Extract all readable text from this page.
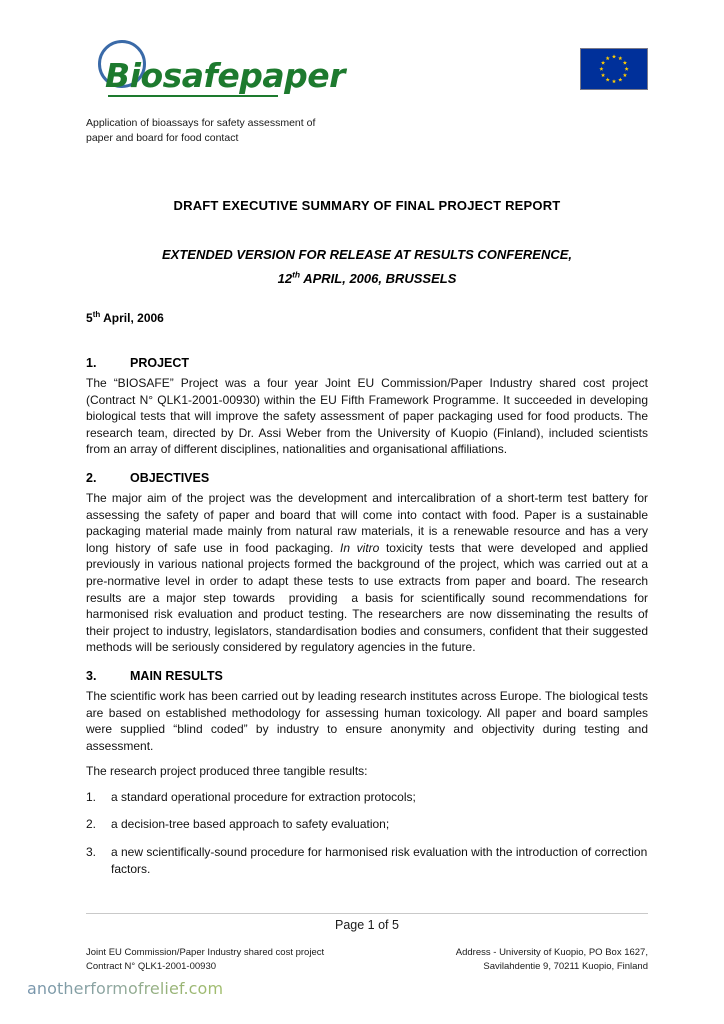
Biosafepaper
Application of bioassays for safety assessment of
paper and board for food contact
DRAFT EXECUTIVE SUMMARY OF FINAL PROJECT REPORT
EXTENDED VERSION FOR RELEASE AT RESULTS CONFERENCE,
12th APRIL, 2006, BRUSSELS
5th April, 2006
1.	PROJECT

The “BIOSAFE” Project was a four year Joint EU Commission/Paper Industry shared cost project (Contract N° QLK1-2001-00930) within the EU Fifth Framework Programme. It succeeded in developing biological tests that will improve the safety assessment of paper packaging used for food products. The research team, directed by Dr. Assi Weber from the University of Kuopio (Finland), included scientists from an array of different disciplines, nationalities and organisational affiliations.

2.	OBJECTIVES

The major aim of the project was the development and intercalibration of a short-term test battery for assessing the safety of paper and board that will come into contact with food. Paper is a sustainable packaging material made mainly from natural raw materials, it is a renewable resource and has a very long history of safe use in food packaging. In vitro toxicity tests that were developed and applied previously in various national projects formed the background of the project, which was carried out at a pre-normative level in order to adapt these tests to use extracts from paper and board. The research results are a major step towards  providing  a basis for scientifically sound recommendations for harmonised risk evaluation and product testing. The researchers are now disseminating the results of their project to industry, legislators, standardisation bodies and consumers, confident that their suggested methods will be seriously considered by regulatory agencies in the future.

3.	MAIN RESULTS

The scientific work has been carried out by leading research institutes across Europe. The biological tests are based on established methodology for assessing human toxicology. All paper and board samples were supplied “blind coded” by industry to ensure anonymity and objectivity during testing and assessment.

The research project produced three tangible results:

1.	a standard operational procedure for extraction protocols;
2.	a decision-tree based approach to safety evaluation;
3.	a new scientifically-sound procedure for harmonised risk evaluation with the introduction of correction factors.
Page 1 of 5
Joint EU Commission/Paper Industry shared cost project
Contract N° QLK1-2001-00930
Address - University of Kuopio, PO Box 1627,
Savilahdentie 9, 70211 Kuopio, Finland
anotherformofrelief.com
